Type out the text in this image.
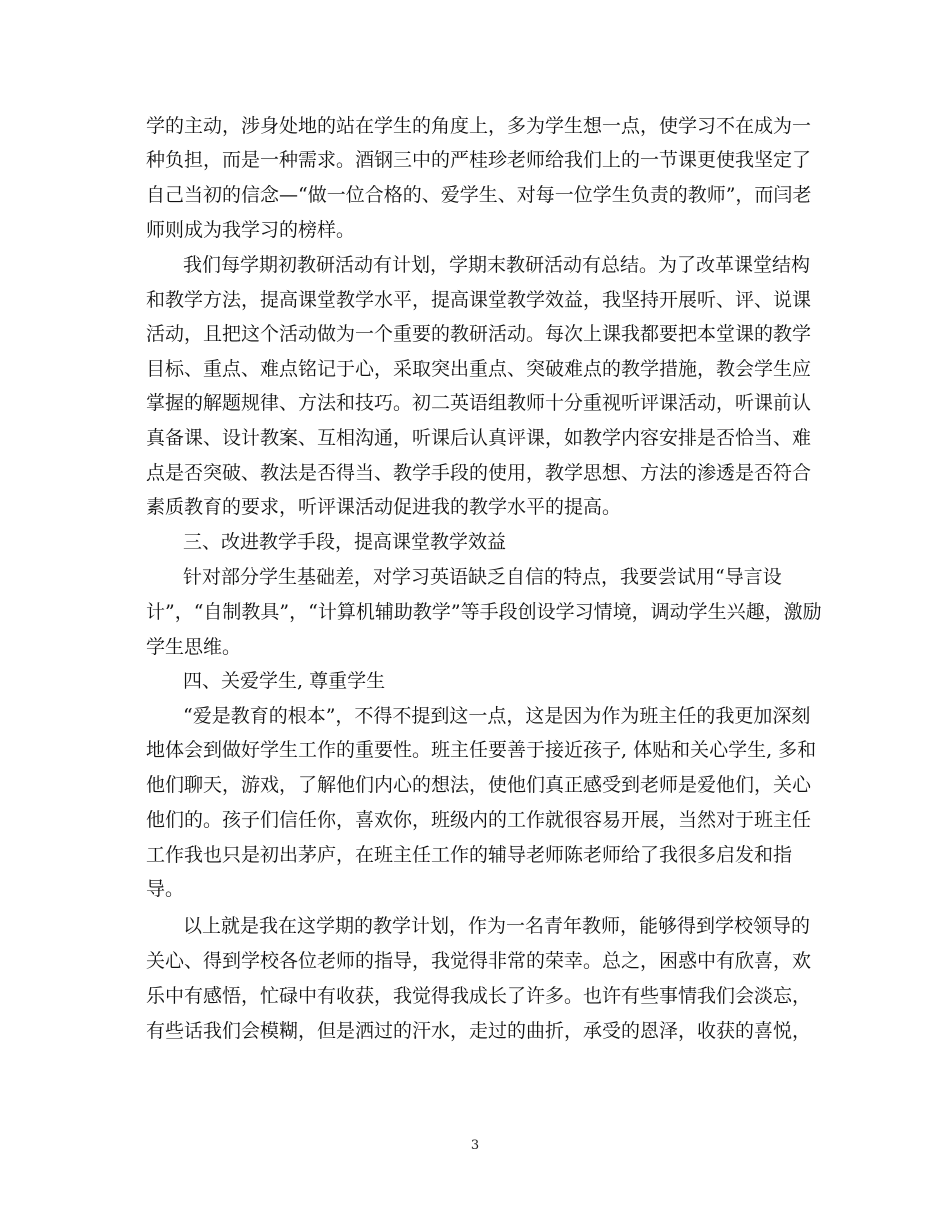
学的主动，涉身处地的站在学生的角度上，多为学生想一点，使学习不在成为一
种负担，而是一种需求。酒钢三中的严桂珍老师给我们上的一节课更使我坚定了
自己当初的信念—“做一位合格的、爱学生、对每一位学生负责的教师”，而闫老
师则成为我学习的榜样。
我们每学期初教研活动有计划，学期末教研活动有总结。为了改革课堂结构
和教学方法，提高课堂教学水平，提高课堂教学效益，我坚持开展听、评、说课
活动，且把这个活动做为一个重要的教研活动。每次上课我都要把本堂课的教学
目标、重点、难点铭记于心，采取突出重点、突破难点的教学措施，教会学生应
掌握的解题规律、方法和技巧。初二英语组教师十分重视听评课活动，听课前认
真备课、设计教案、互相沟通，听课后认真评课，如教学内容安排是否恰当、难
点是否突破、教法是否得当、教学手段的使用，教学思想、方法的渗透是否符合
素质教育的要求，听评课活动促进我的教学水平的提高。
三、改进教学手段，提高课堂教学效益
针对部分学生基础差，对学习英语缺乏自信的特点，我要尝试用“导言设
计”，“自制教具”，“计算机辅助教学”等手段创设学习情境，调动学生兴趣，激励
学生思维。
四、关爱学生, 尊重学生
“爱是教育的根本”，不得不提到这一点，这是因为作为班主任的我更加深刻
地体会到做好学生工作的重要性。班主任要善于接近孩子, 体贴和关心学生, 多和
他们聊天，游戏，了解他们内心的想法，使他们真正感受到老师是爱他们，关心
他们的。孩子们信任你，喜欢你，班级内的工作就很容易开展，当然对于班主任
工作我也只是初出茅庐，在班主任工作的辅导老师陈老师给了我很多启发和指
导。
以上就是我在这学期的教学计划，作为一名青年教师，能够得到学校领导的
关心、得到学校各位老师的指导，我觉得非常的荣幸。总之，困惑中有欣喜，欢
乐中有感悟，忙碌中有收获，我觉得我成长了许多。也许有些事情我们会淡忘，
有些话我们会模糊，但是洒过的汗水，走过的曲折，承受的恩泽，收获的喜悦，
3
